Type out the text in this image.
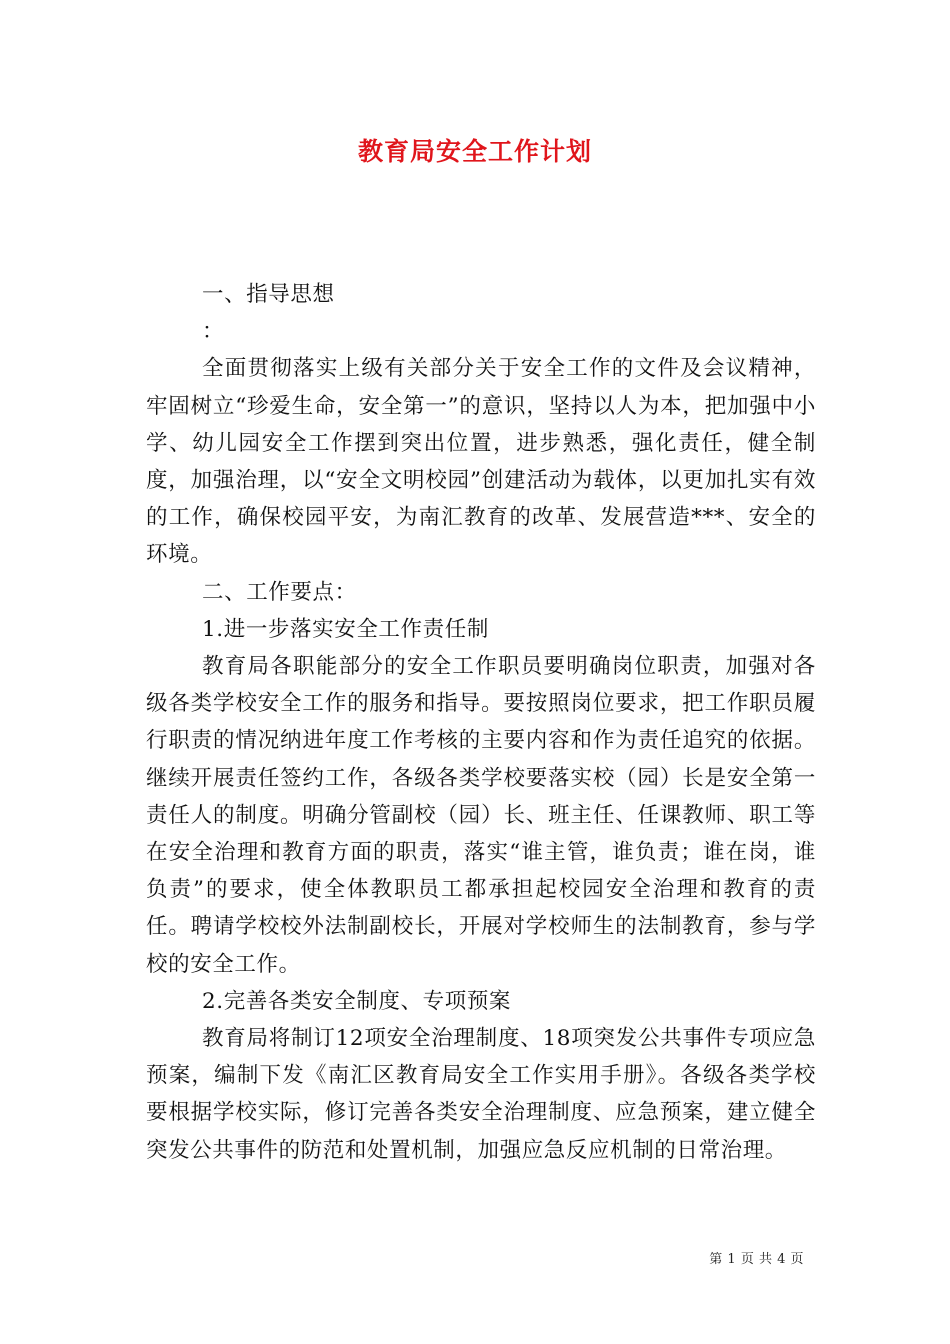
教育局安全工作计划

一、指导思想

：

全面贯彻落实上级有关部分关于安全工作的文件及会议精神，牢固树立“珍爱生命，安全第一”的意识，坚持以人为本，把加强中小学、幼儿园安全工作摆到突出位置，进步熟悉，强化责任，健全制度，加强治理，以“安全文明校园”创建活动为载体，以更加扎实有效的工作，确保校园平安，为南汇教育的改革、发展营造***、安全的环境。

二、工作要点：

1.进一步落实安全工作责任制

教育局各职能部分的安全工作职员要明确岗位职责，加强对各级各类学校安全工作的服务和指导。要按照岗位要求，把工作职员履行职责的情况纳进年度工作考核的主要内容和作为责任追究的依据。继续开展责任签约工作，各级各类学校要落实校（园）长是安全第一责任人的制度。明确分管副校（园）长、班主任、任课教师、职工等在安全治理和教育方面的职责，落实“谁主管，谁负责；谁在岗，谁负责”的要求，使全体教职员工都承担起校园安全治理和教育的责任。聘请学校校外法制副校长，开展对学校师生的法制教育，参与学校的安全工作。

2.完善各类安全制度、专项预案

教育局将制订12项安全治理制度、18项突发公共事件专项应急预案，编制下发《南汇区教育局安全工作实用手册》。各级各类学校要根据学校实际，修订完善各类安全治理制度、应急预案，建立健全突发公共事件的防范和处置机制，加强应急反应机制的日常治理。

第 1 页 共 4 页
